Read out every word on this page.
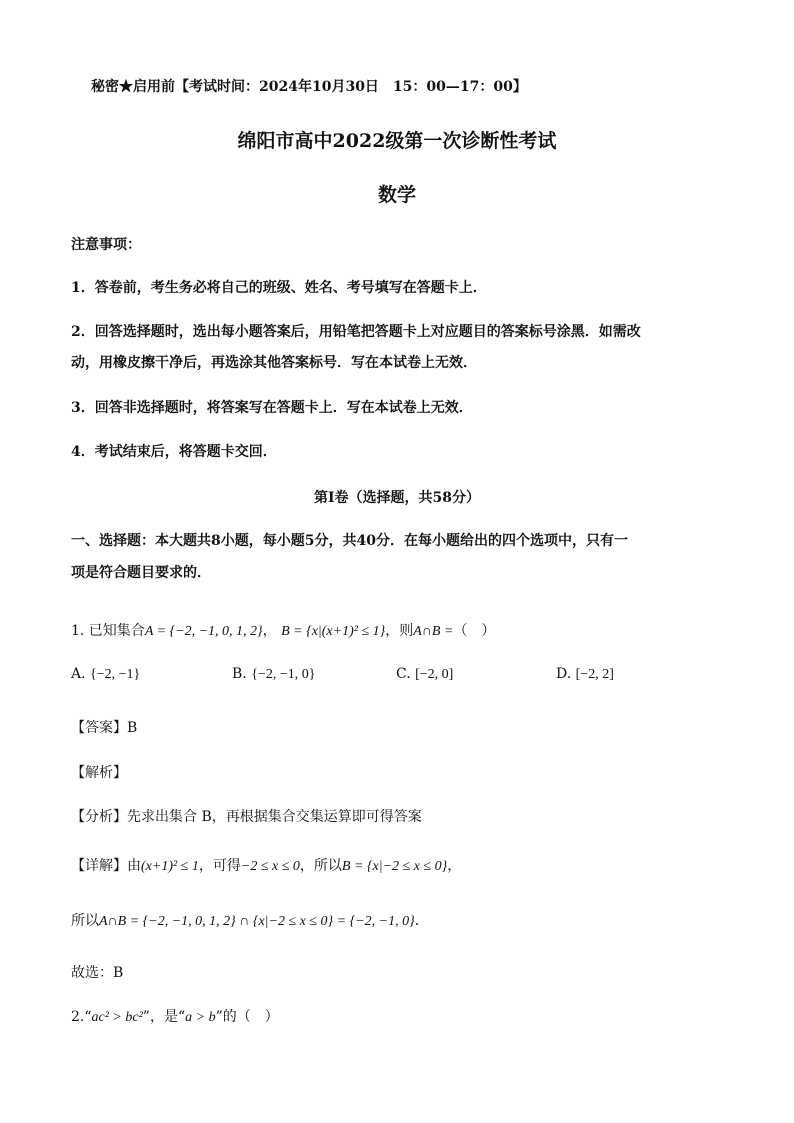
秘密★启用前【考试时间：2024年10月30日　15：00—17：00】
绵阳市高中2022级第一次诊断性考试
数学
注意事项：
1．答卷前，考生务必将自己的班级、姓名、考号填写在答题卡上．
2．回答选择题时，选出每小题答案后，用铅笔把答题卡上对应题目的答案标号涂黑．如需改
动，用橡皮擦干净后，再选涂其他答案标号．写在本试卷上无效．
3．回答非选择题时，将答案写在答题卡上．写在本试卷上无效．
4．考试结束后，将答题卡交回．
第Ⅰ卷（选择题，共58分）
一、选择题：本大题共8小题，每小题5分，共40分．在每小题给出的四个选项中，只有一
项是符合题目要求的．
1. 已知集合A = {−2, −1, 0, 1, 2}， B = {x|(x+1)² ≤ 1}，则A∩B =（　）
A. {−2, −1}	B. {−2, −1, 0}	C. [−2, 0]	D. [−2, 2]
【答案】B
【解析】
【分析】先求出集合 B，再根据集合交集运算即可得答案
【详解】由(x+1)² ≤ 1，可得−2 ≤ x ≤ 0，所以B = {x|−2 ≤ x ≤ 0}，
所以A∩B = {−2, −1, 0, 1, 2} ∩ {x|−2 ≤ x ≤ 0} = {−2, −1, 0}．
故选：B
2.“ac² > bc²”，是“a > b”的（　）
